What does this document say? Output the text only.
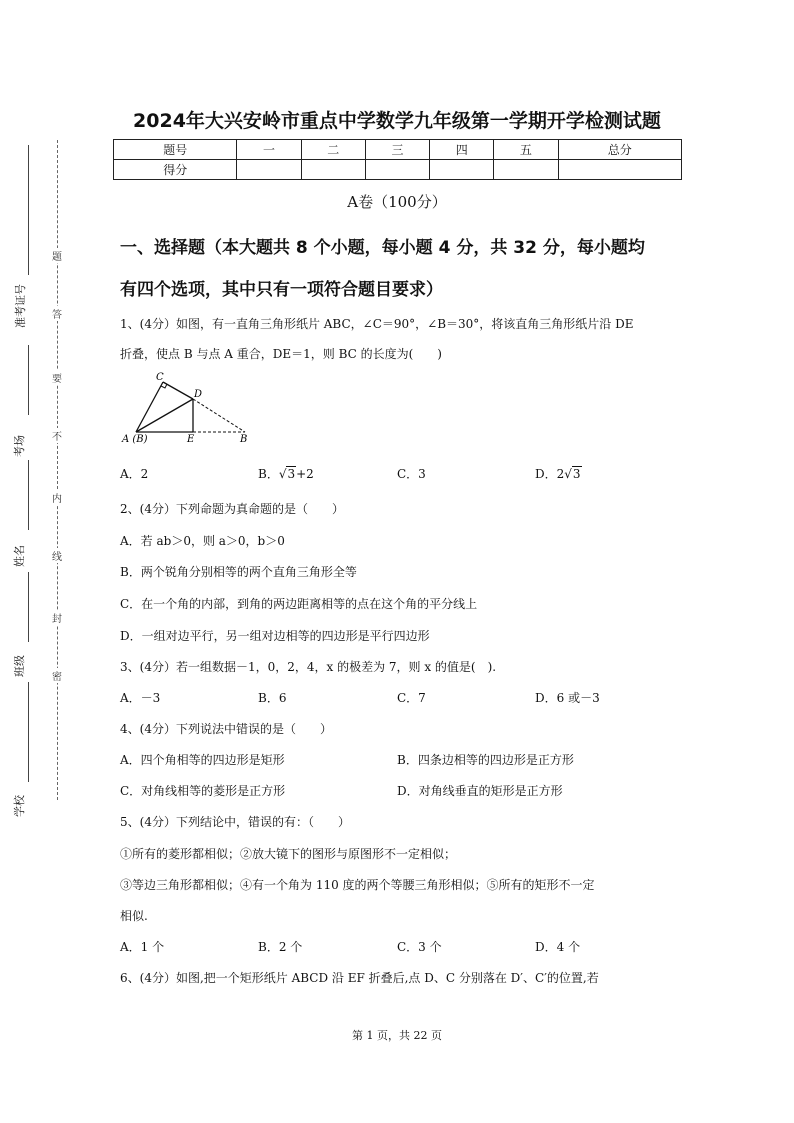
题
答
要
不
内
线
封
密
准考证号
考场
姓名
班级
学校
2024年大兴安岭市重点中学数学九年级第一学期开学检测试题
题号	一	二	三	四	五	总分
得分						
A卷（100分）
一、选择题（本大题共 8 个小题，每小题 4 分，共 32 分，每小题均
有四个选项，其中只有一项符合题目要求）
1、(4分）如图，有一直角三角形纸片 ABC，∠C＝90°，∠B＝30°，将该直角三角形纸片沿 DE
折叠，使点 B 与点 A 重合，DE＝1，则 BC 的长度为(　　)
C
D
A (B)	E	B
A．2	B．√3+2	C．3	D．2√3
2、(4分）下列命题为真命题的是（　　）
A．若 ab＞0，则 a＞0，b＞0
B．两个锐角分别相等的两个直角三角形全等
C．在一个角的内部，到角的两边距离相等的点在这个角的平分线上
D．一组对边平行，另一组对边相等的四边形是平行四边形
3、(4分）若一组数据－1，0，2，4，x 的极差为 7，则 x 的值是(　).
A．－3	B．6	C．7	D．6 或－3
4、(4分）下列说法中错误的是（　　）
A．四个角相等的四边形是矩形	B．四条边相等的四边形是正方形
C．对角线相等的菱形是正方形	D．对角线垂直的矩形是正方形
5、(4分）下列结论中，错误的有：（　　）
①所有的菱形都相似；②放大镜下的图形与原图形不一定相似；
③等边三角形都相似；④有一个角为 110 度的两个等腰三角形相似；⑤所有的矩形不一定
相似.
A．1 个	B．2 个	C．3 个	D．4 个
6、(4分）如图,把一个矩形纸片 ABCD 沿 EF 折叠后,点 D、C 分别落在 D′、C′的位置,若
第 1 页，共 22 页
